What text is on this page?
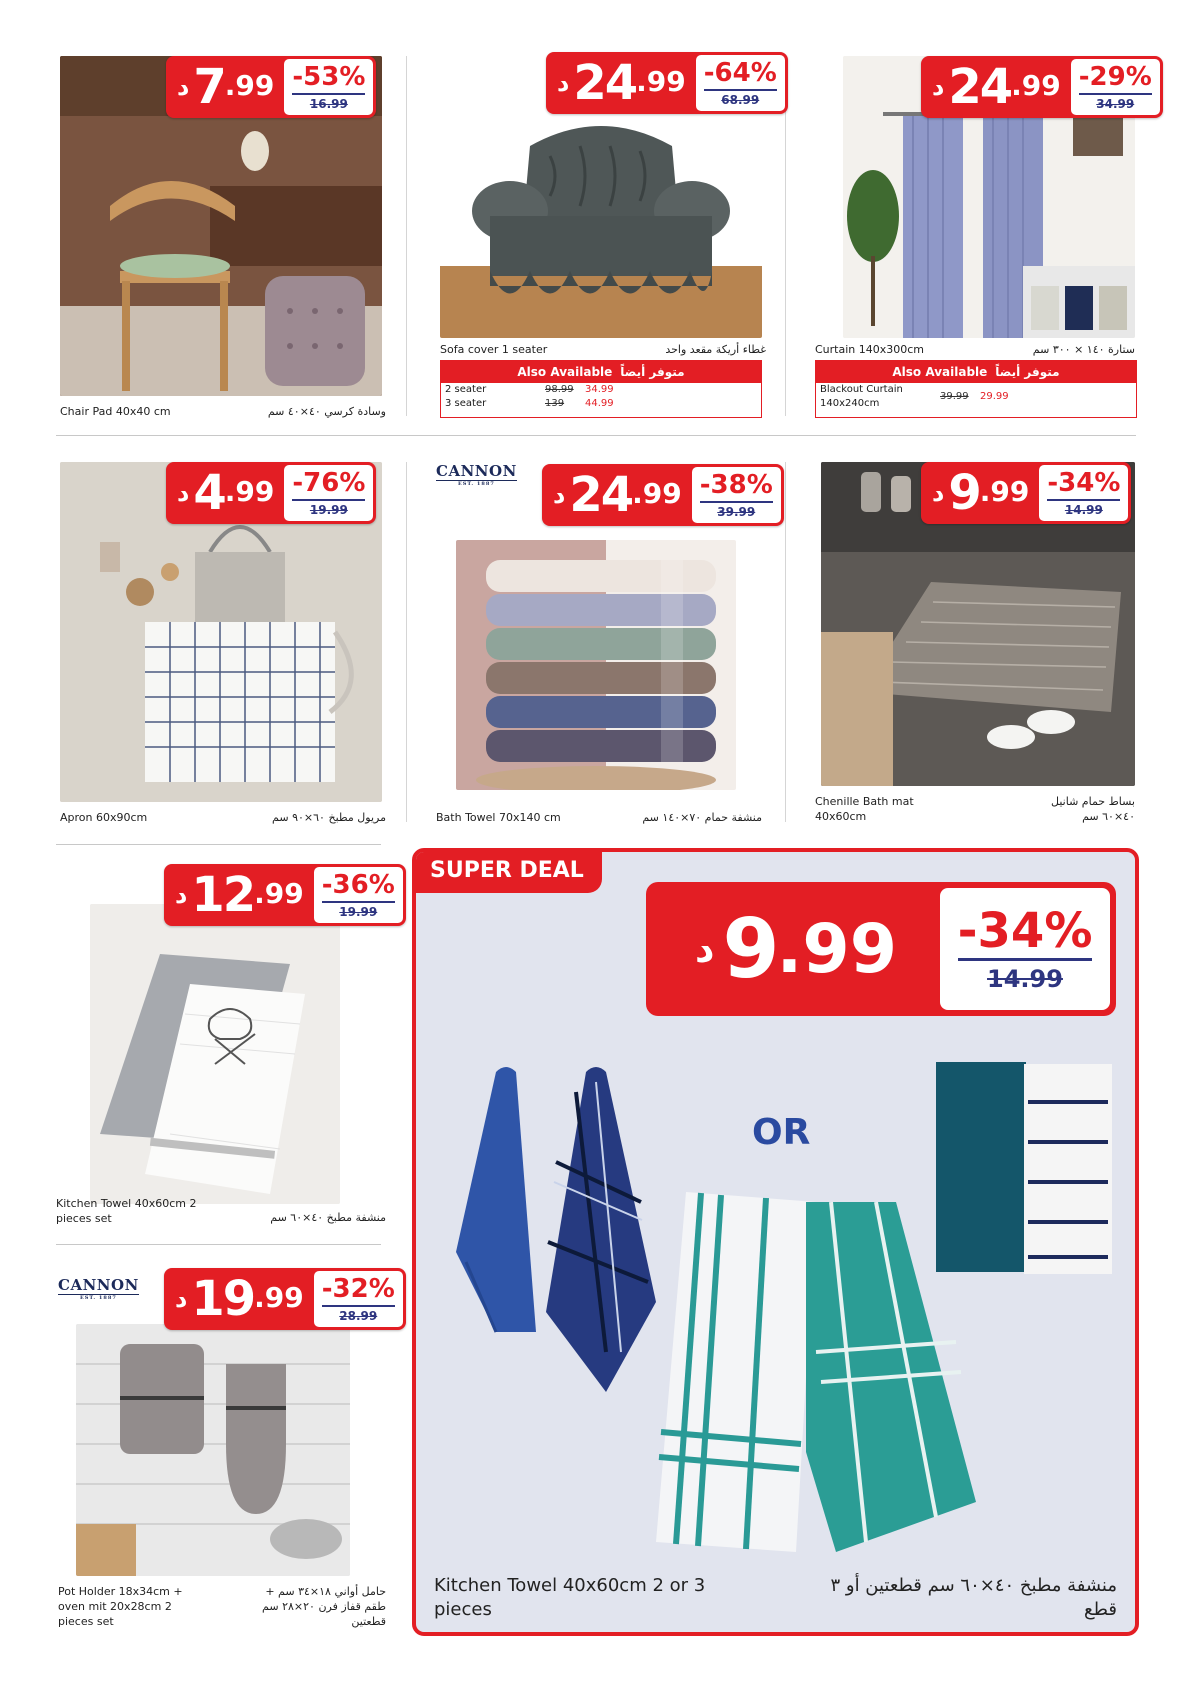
د 7 .99 -53%
16.99
Chair Pad 40x40 cm	وسادة كرسي ٤٠×٤٠ سم
د 24 .99 -64%
68.99
Sofa cover 1 seater	غطاء أريكة مقعد واحد
Also Available متوفر أيضاً
2 seater	98.99	34.99
3 seater	139	44.99
د 24 .99 -29%
34.99
Curtain 140x300cm	ستارة ١٤٠ × ٣٠٠ سم
Also Available متوفر أيضاً
Blackout Curtain 140x240cm
39.99	29.99
د 4 .99 -76%
19.99
Apron 60x90cm	مريول مطبخ ٦٠×٩٠ سم
CANNON
EST. 1887	د 24 .99 -38%
39.99
Bath Towel 70x140 cm	منشفة حمام ٧٠×١٤٠ سم
د 9 .99 -34%
14.99
Chenille Bath mat 40x60cm
بساط حمام شانيل ٤٠×٦٠ سم
د 12 .99 -36%
19.99
Kitchen Towel 40x60cm 2 pieces set	منشفة مطبخ ٤٠×٦٠ سم
CANNON
EST. 1887	د 19 .99 -32%
28.99
Pot Holder 18x34cm + oven mit 20x28cm 2 pieces set
حامل أواني ١٨×٣٤ سم + طقم قفاز فرن ٢٠×٢٨ سم قطعتين
SUPER DEAL
د 9 .99 -34%
14.99
OR
Kitchen Towel 40x60cm 2 or 3 pieces
منشفة مطبخ ٤٠×٦٠ سم قطعتين أو ٣ قطع
